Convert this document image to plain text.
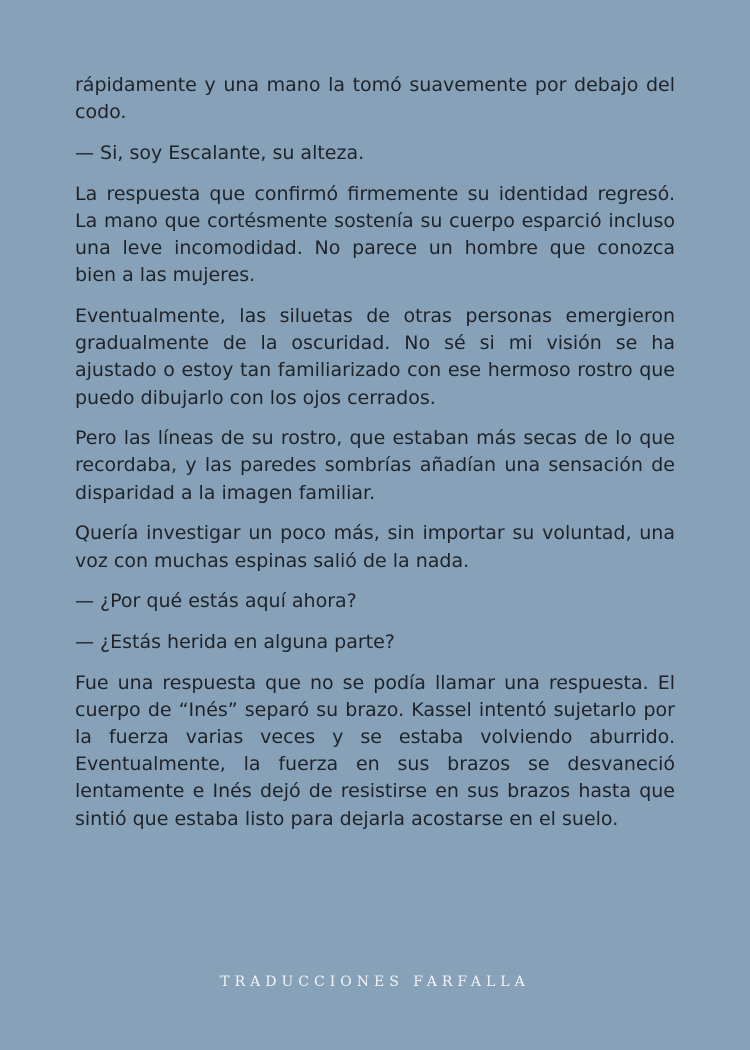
rápidamente y una mano la tomó suavemente por debajo del codo.

— Si, soy Escalante, su alteza.

La respuesta que confirmó firmemente su identidad regresó. La mano que cortésmente sostenía su cuerpo esparció incluso una leve incomodidad. No parece un hombre que conozca bien a las mujeres.

Eventualmente, las siluetas de otras personas emergieron gradualmente de la oscuridad. No sé si mi visión se ha ajustado o estoy tan familiarizado con ese hermoso rostro que puedo dibujarlo con los ojos cerrados.

Pero las líneas de su rostro, que estaban más secas de lo que recordaba, y las paredes sombrías añadían una sensación de disparidad a la imagen familiar.

Quería investigar un poco más, sin importar su voluntad, una voz con muchas espinas salió de la nada.

— ¿Por qué estás aquí ahora?

— ¿Estás herida en alguna parte?

Fue una respuesta que no se podía llamar una respuesta. El cuerpo de “Inés” separó su brazo. Kassel intentó sujetarlo por la fuerza varias veces y se estaba volviendo aburrido. Eventualmente, la fuerza en sus brazos se desvaneció lentamente e Inés dejó de resistirse en sus brazos hasta que sintió que estaba listo para dejarla acostarse en el suelo.

TRADUCCIONES FARFALLA
